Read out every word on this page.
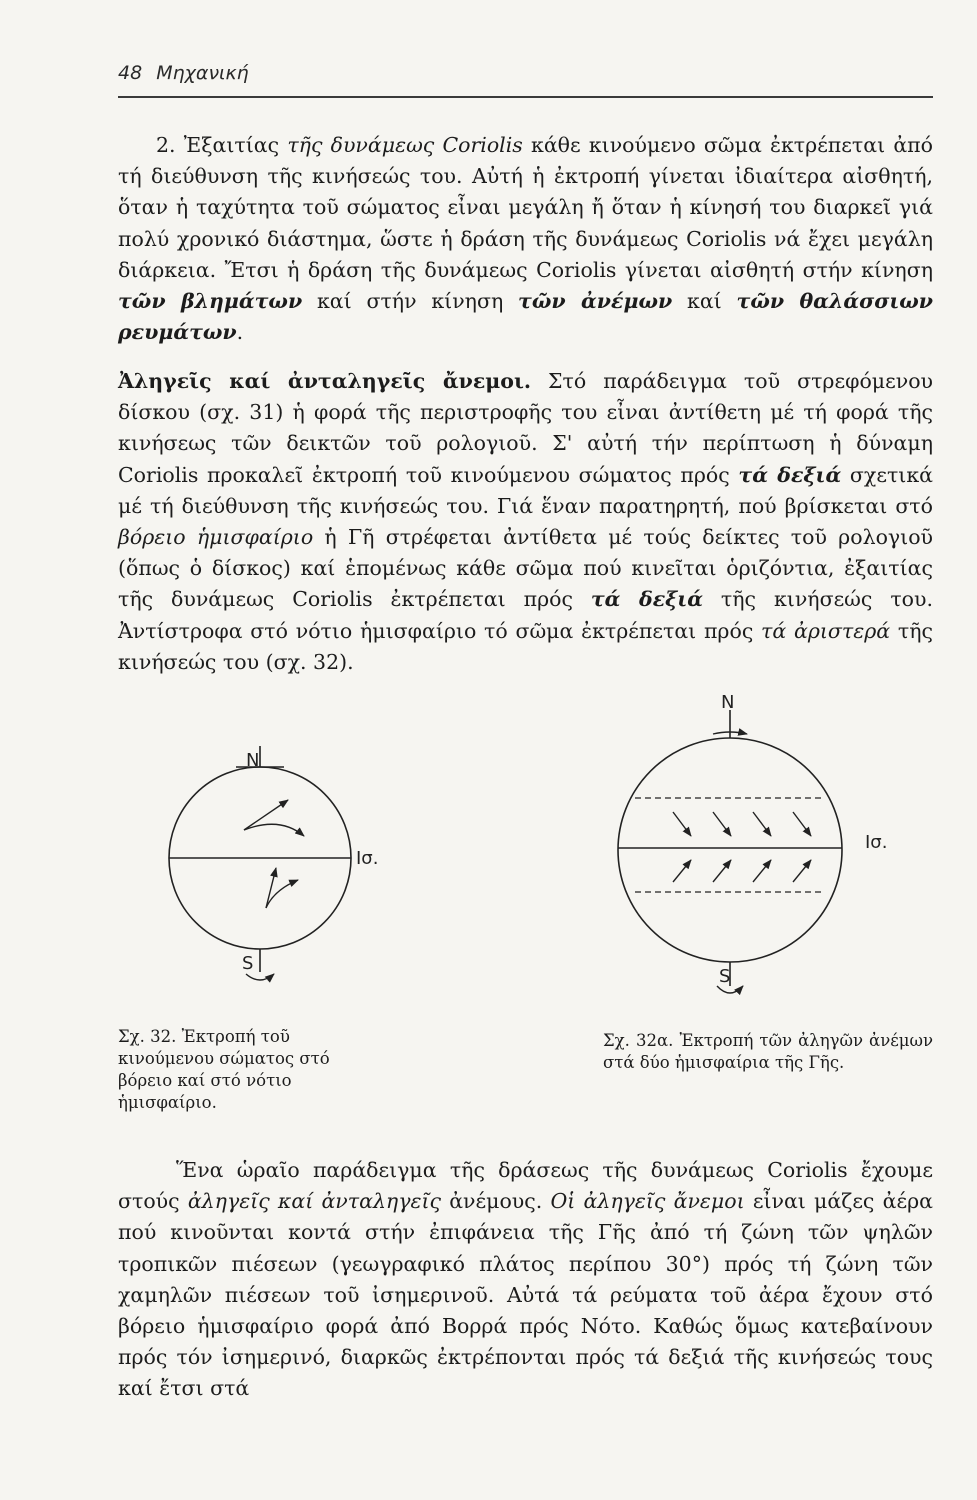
48 Μηχανική
2. Ἐξαιτίας τῆς δυνάμεως Coriolis κάθε κινούμενο σῶμα ἐκτρέπεται ἀπό τή διεύθυνση τῆς κινήσεώς του. Αὐτή ἡ ἐκτροπή γίνεται ἰδιαίτερα αἰσθητή, ὅταν ἡ ταχύτητα τοῦ σώματος εἶναι μεγάλη ἤ ὅταν ἡ κίνησή του διαρκεῖ γιά πολύ χρονικό διάστημα, ὥστε ἡ δράση τῆς δυνάμεως Coriolis νά ἔχει μεγάλη διάρκεια. Ἔτσι ἡ δράση τῆς δυνάμεως Coriolis γίνεται αἰσθητή στήν κίνηση τῶν βλημάτων καί στήν κίνηση τῶν ἀνέμων καί τῶν θαλάσσιων ρευμάτων.
Ἀληγεῖς καί ἀνταληγεῖς ἄνεμοι. Στό παράδειγμα τοῦ στρεφόμενου δίσκου (σχ. 31) ἡ φορά τῆς περιστροφῆς του εἶναι ἀντίθετη μέ τή φορά τῆς κινήσεως τῶν δεικτῶν τοῦ ρολογιοῦ. Σ' αὐτή τήν περίπτωση ἡ δύναμη Coriolis προκαλεῖ ἐκτροπή τοῦ κινούμενου σώματος πρός τά δεξιά σχετικά μέ τή διεύθυνση τῆς κινήσεώς του. Γιά ἕναν παρατηρητή, πού βρίσκεται στό βόρειο ἡμισφαίριο ἡ Γῆ στρέφεται ἀντίθετα μέ τούς δείκτες τοῦ ρολογιοῦ (ὅπως ὁ δίσκος) καί ἑπομένως κάθε σῶμα πού κινεῖται ὁριζόντια, ἐξαιτίας τῆς δυνάμεως Coriolis ἐκτρέπεται πρός τά δεξιά τῆς κινήσεώς του. Ἀντίστροφα στό νότιο ἡμισφαίριο τό σῶμα ἐκτρέπεται πρός τά ἀριστερά τῆς κινήσεώς του (σχ. 32).
N
S
Ισ.
N
S
Ισ.
Σχ. 32. Ἐκτροπή τοῦ κινούμενου σώματος στό βόρειο καί στό νότιο ἡμισφαίριο.
Σχ. 32α. Ἐκτροπή τῶν ἀληγῶν ἀνέμων στά δύο ἡμισφαίρια τῆς Γῆς.
Ἕνα ὡραῖο παράδειγμα τῆς δράσεως τῆς δυνάμεως Coriolis ἔχουμε στούς ἀληγεῖς καί ἀνταληγεῖς ἀνέμους. Οἱ ἀληγεῖς ἄνεμοι εἶναι μάζες ἀέρα πού κινοῦνται κοντά στήν ἐπιφάνεια τῆς Γῆς ἀπό τή ζώνη τῶν ψηλῶν τροπικῶν πιέσεων (γεωγραφικό πλάτος περίπου 30°) πρός τή ζώνη τῶν χαμηλῶν πιέσεων τοῦ ἰσημερινοῦ. Αὐτά τά ρεύματα τοῦ ἀέρα ἔχουν στό βόρειο ἡμισφαίριο φορά ἀπό Βορρά πρός Νότο. Καθώς ὅμως κατεβαίνουν πρός τόν ἰσημερινό, διαρκῶς ἐκτρέπονται πρός τά δεξιά τῆς κινήσεώς τους καί ἔτσι στά
